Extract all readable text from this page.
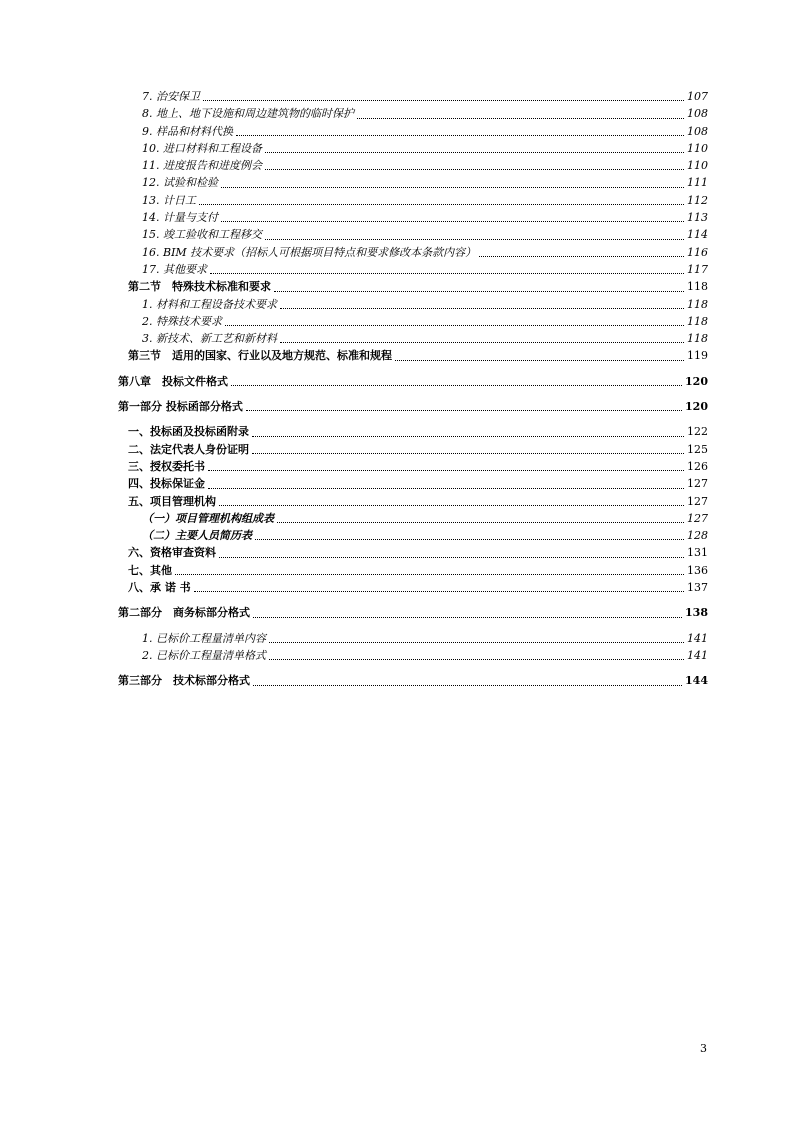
7. 治安保卫	107
8. 地上、地下设施和周边建筑物的临时保护	108
9. 样品和材料代换	108
10. 进口材料和工程设备	110
11. 进度报告和进度例会	110
12. 试验和检验	111
13. 计日工	112
14. 计量与支付	113
15. 竣工验收和工程移交	114
16. BIM 技术要求（招标人可根据项目特点和要求修改本条款内容）	116
17. 其他要求	117
第二节　特殊技术标准和要求	118
1. 材料和工程设备技术要求	118
2. 特殊技术要求	118
3. 新技术、新工艺和新材料	118
第三节　适用的国家、行业以及地方规范、标准和规程	119
第八章　投标文件格式	120
第一部分 投标函部分格式	120
一、投标函及投标函附录	122
二、法定代表人身份证明	125
三、授权委托书	126
四、投标保证金	127
五、项目管理机构	127
（一）项目管理机构组成表	127
（二）主要人员简历表	128
六、资格审查资料	131
七、其他	136
八、承 诺 书	137
第二部分　商务标部分格式	138
1. 已标价工程量清单内容	141
2. 已标价工程量清单格式	141
第三部分　技术标部分格式	144
3
